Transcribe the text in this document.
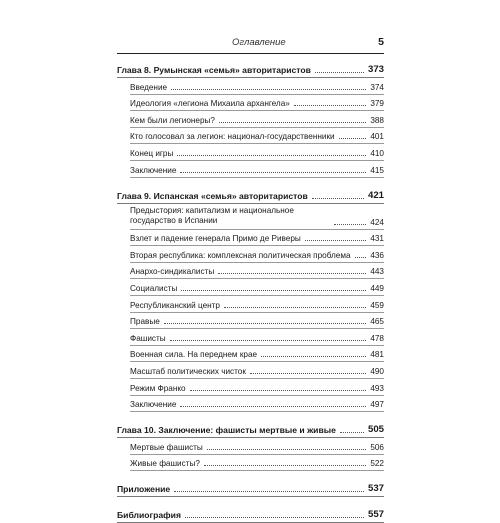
Оглавление	5
Глава 8. Румынская «семья» авторитаристов	373
Введение	374
Идеология «легиона Михаила архангела»	379
Кем были легионеры?	388
Кто голосовал за легион: национал-государственники	401
Конец игры	410
Заключение	415
Глава 9. Испанская «семья» авторитаристов	421
Предыстория: капитализм и национальное государство в Испании	424
Взлет и падение генерала Примо де Риверы	431
Вторая республика: комплексная политическая проблема 436
Анархо-синдикалисты	443
Социалисты	449
Республиканский центр	459
Правые	465
Фашисты	478
Военная сила. На переднем крае	481
Масштаб политических чисток	490
Режим Франко	493
Заключение	497
Глава 10. Заключение: фашисты мертвые и живые	505
Мертвые фашисты	506
Живые фашисты?	522
Приложение	537
Библиография	557
